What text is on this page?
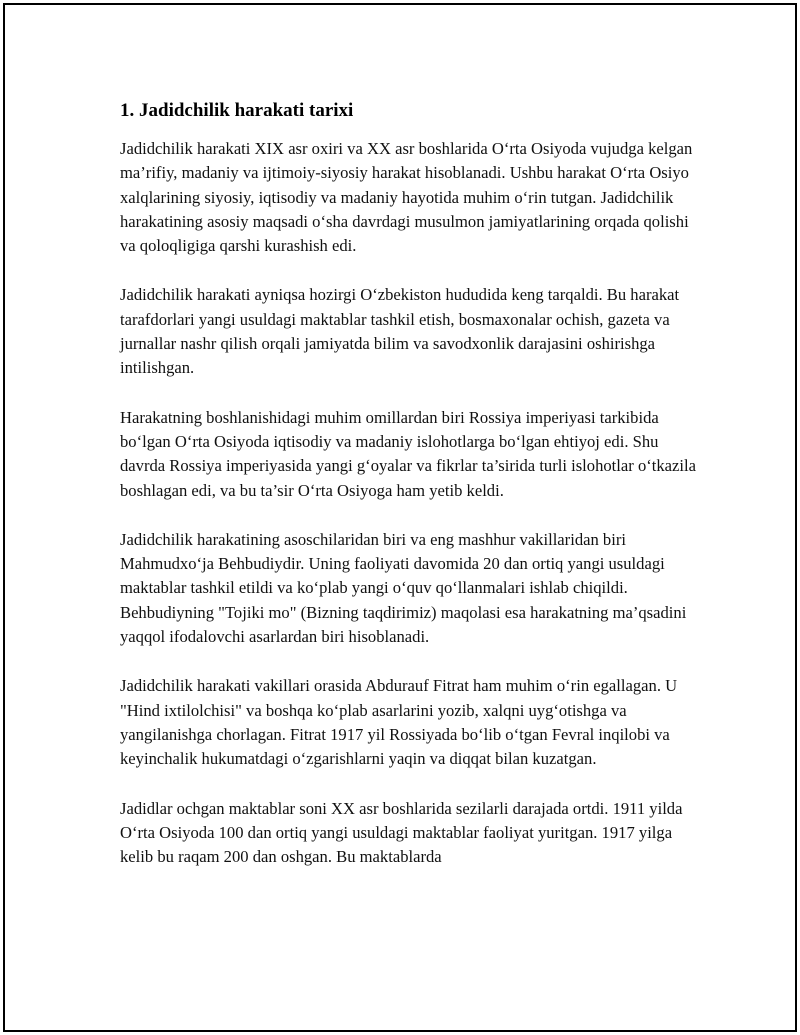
1. Jadidchilik harakati tarixi

Jadidchilik harakati XIX asr oxiri va XX asr boshlarida O‘rta Osiyoda vujudga kelgan ma’rifiy, madaniy va ijtimoiy-siyosiy harakat hisoblanadi. Ushbu harakat O‘rta Osiyo xalqlarining siyosiy, iqtisodiy va madaniy hayotida muhim o‘rin tutgan. Jadidchilik harakatining asosiy maqsadi o‘sha davrdagi musulmon jamiyatlarining orqada qolishi va qoloqligiga qarshi kurashish edi.

Jadidchilik harakati ayniqsa hozirgi O‘zbekiston hududida keng tarqaldi. Bu harakat tarafdorlari yangi usuldagi maktablar tashkil etish, bosmaxonalar ochish, gazeta va jurnallar nashr qilish orqali jamiyatda bilim va savodxonlik darajasini oshirishga intilishgan.

Harakatning boshlanishidagi muhim omillardan biri Rossiya imperiyasi tarkibida bo‘lgan O‘rta Osiyoda iqtisodiy va madaniy islohotlarga bo‘lgan ehtiyoj edi. Shu davrda Rossiya imperiyasida yangi g‘oyalar va fikrlar ta’sirida turli islohotlar o‘tkazila boshlagan edi, va bu ta’sir O‘rta Osiyoga ham yetib keldi.

Jadidchilik harakatining asoschilaridan biri va eng mashhur vakillaridan biri Mahmudxo‘ja Behbudiydir. Uning faoliyati davomida 20 dan ortiq yangi usuldagi maktablar tashkil etildi va ko‘plab yangi o‘quv qo‘llanmalari ishlab chiqildi. Behbudiyning "Tojiki mo" (Bizning taqdirimiz) maqolasi esa harakatning ma’qsadini yaqqol ifodalovchi asarlardan biri hisoblanadi.

Jadidchilik harakati vakillari orasida Abdurauf Fitrat ham muhim o‘rin egallagan. U "Hind ixtilolchisi" va boshqa ko‘plab asarlarini yozib, xalqni uyg‘otishga va yangilanishga chorlagan. Fitrat 1917 yil Rossiyada bo‘lib o‘tgan Fevral inqilobi va keyinchalik hukumatdagi o‘zgarishlarni yaqin va diqqat bilan kuzatgan.

Jadidlar ochgan maktablar soni XX asr boshlarida sezilarli darajada ortdi. 1911 yilda O‘rta Osiyoda 100 dan ortiq yangi usuldagi maktablar faoliyat yuritgan. 1917 yilga kelib bu raqam 200 dan oshgan. Bu maktablarda
